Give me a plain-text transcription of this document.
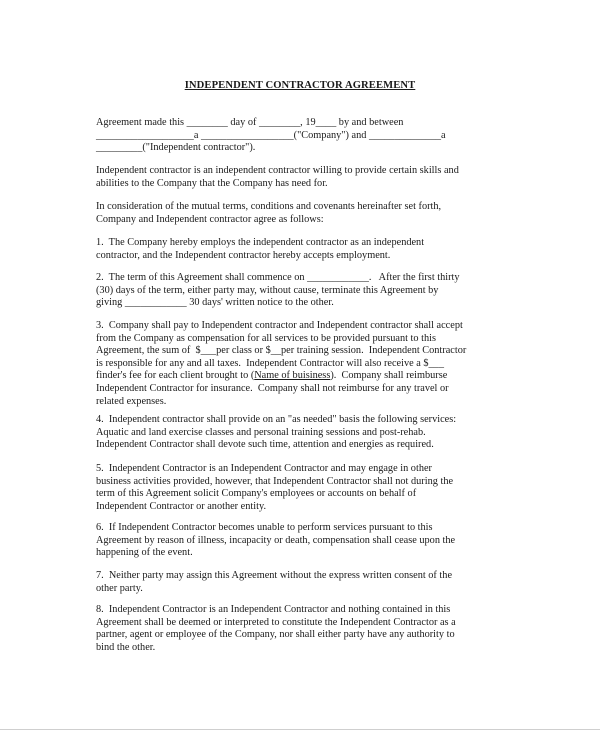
INDEPENDENT CONTRACTOR AGREEMENT
Agreement made this ________ day of ________, 19____ by and between
___________________a __________________("Company") and ______________a
_________("Independent contractor").
Independent contractor is an independent contractor willing to provide certain skills and
abilities to the Company that the Company has need for.
In consideration of the mutual terms, conditions and covenants hereinafter set forth,
Company and Independent contractor agree as follows:
1.  The Company hereby employs the independent contractor as an independent
contractor, and the Independent contractor hereby accepts employment.
2.  The term of this Agreement shall commence on ____________.   After the first thirty
(30) days of the term, either party may, without cause, terminate this Agreement by
giving ____________ 30 days' written notice to the other.
3.  Company shall pay to Independent contractor and Independent contractor shall accept
from the Company as compensation for all services to be provided pursuant to this
Agreement, the sum of  $___per class or $__per training session.  Independent Contractor
is responsible for any and all taxes.  Independent Contractor will also receive a $___
finder's fee for each client brought to (Name of buisiness).  Company shall reimburse
Independent Contractor for insurance.  Company shall not reimburse for any travel or
related expenses.
4.  Independent contractor shall provide on an "as needed" basis the following services:
Aquatic and land exercise classes and personal training sessions and post-rehab.
Independent Contractor shall devote such time, attention and energies as required.
5.  Independent Contractor is an Independent Contractor and may engage in other
business activities provided, however, that Independent Contractor shall not during the
term of this Agreement solicit Company's employees or accounts on behalf of
Independent Contractor or another entity.
6.  If Independent Contractor becomes unable to perform services pursuant to this
Agreement by reason of illness, incapacity or death, compensation shall cease upon the
happening of the event.
7.  Neither party may assign this Agreement without the express written consent of the
other party.
8.  Independent Contractor is an Independent Contractor and nothing contained in this
Agreement shall be deemed or interpreted to constitute the Independent Contractor as a
partner, agent or employee of the Company, nor shall either party have any authority to
bind the other.
